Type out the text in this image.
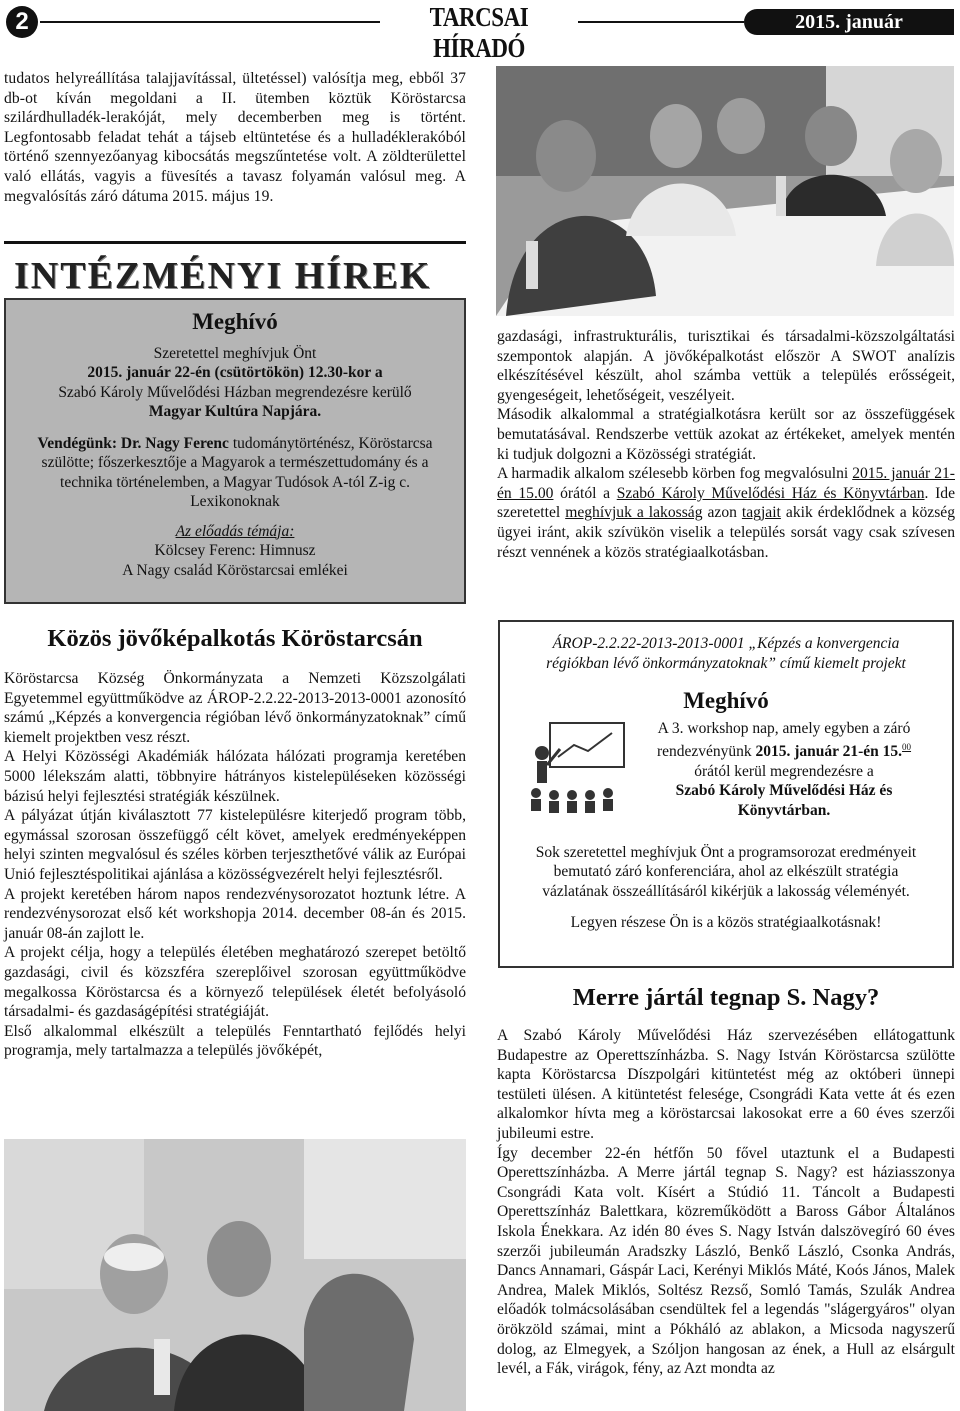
2	TARCSAI HÍRADÓ
2015. január

tudatos helyreállítása talajjavítással, ültetéssel) valósítja meg, ebből 37 db-ot kíván megoldani a II. ütemben köztük Köröstarcsa szilárdhulladék-lerakóját, mely decemberben meg is történt. Legfontosabb feladat tehát a tájseb eltüntetése és a hulladéklerakóból történő szennyezőanyag kibocsátás megszűntetése volt. A zöldterülettel való ellátás, vagyis a füvesítés a tavasz folyamán valósul meg. A megvalósítás záró dátuma 2015. május 19.

INTÉZMÉNYI HÍREK
Meghívó
Szeretettel meghívjuk Önt
2015. január 22-én (csütörtökön) 12.30-kor a
Szabó Károly Művelődési Házban megrendezésre kerülő
Magyar Kultúra Napjára.
Vendégünk: Dr. Nagy Ferenc tudománytörténész, Köröstarcsa szülötte; főszerkesztője a Magyarok a természettudomány és a technika történelemben, a Magyar Tudósok A-tól Z-ig c. Lexikonoknak
Az előadás témája:
Kölcsey Ferenc: Himnusz
A Nagy család Köröstarcsai emlékei
Közös jövőképalkotás Köröstarcsán

Köröstarcsa Község Önkormányzata a Nemzeti Közszolgálati Egyetemmel együttműködve az ÁROP-2.2.22-2013-2013-0001 azonosító számú „Képzés a konvergencia régióban lévő önkormányzatoknak” című kiemelt projektben vesz részt.

A Helyi Közösségi Akadémiák hálózata hálózati programja keretében 5000 lélekszám alatti, többnyire hátrányos kistelepüléseken közösségi bázisú helyi fejlesztési stratégiák készülnek.

A pályázat útján kiválasztott 77 kistelepülésre kiterjedő program több, egymással szorosan összefüggő célt követ, amelyek eredményeképpen helyi szinten megvalósul és széles körben terjeszthetővé válik az Európai Unió fejlesztéspolitikai ajánlása a közösségvezérelt helyi fejlesztésről.

A projekt keretében három napos rendezvénysorozatot hoztunk létre. A rendezvénysorozat első két workshopja 2014. december 08-án és 2015. január 08-án zajlott le.

A projekt célja, hogy a település életében meghatározó szerepet betöltő gazdasági, civil és közszféra szereplőivel szorosan együttműködve megalkossa Köröstarcsa és a környező települések életét befolyásoló társadalmi- és gazdaságépítési stratégiáját.

Első alkalommal elkészült a település Fenntartható fejlődés helyi programja, mely tartalmazza a település jövőképét,

gazdasági, infrastrukturális, turisztikai és társadalmi-közszolgáltatási szempontok alapján. A jövőképalkotást először A SWOT analízis elkészítésével készült, ahol számba vettük a település erősségeit, gyengeségeit, lehetőségeit, veszélyeit.

Második alkalommal a stratégialkotásra került sor az összefüggések bemutatásával. Rendszerbe vettük azokat az értékeket, amelyek mentén ki tudjuk dolgozni a Közösségi stratégiát.

A harmadik alkalom szélesebb körben fog megvalósulni 2015. január 21-én 15.00 órától a Szabó Károly Művelődési Ház és Könyvtárban. Ide szeretettel meghívjuk a lakosság azon tagjait akik érdeklődnek a község ügyei iránt, akik szívükön viselik a település sorsát vagy csak szívesen részt vennének a közös stratégiaalkotásban.

ÁROP-2.2.22-2013-2013-0001 „Képzés a konvergencia régiókban lévő önkormányzatoknak” című kiemelt projekt
Meghívó
A 3. workshop nap, amely egyben a záró
rendezvényünk 2015. január 21-én 15.00
órától kerül megrendezésre a
Szabó Károly Művelődési Ház és
Könyvtárban.
Sok szeretettel meghívjuk Önt a programsorozat eredményeit bemutató záró konferenciára, ahol az elkészült stratégia vázlatának összeállításáról kikérjük a lakosság véleményét.
Legyen részese Ön is a közös stratégiaalkotásnak!
Merre jártál tegnap S. Nagy?

A Szabó Károly Művelődési Ház szervezésében ellátogattunk Budapestre az Operettszínházba. S. Nagy István Köröstarcsa szülötte kapta Köröstarcsa Díszpolgári kitüntetést még az októberi ünnepi testületi ülésen. A kitüntetést felesége, Csongrádi Kata vette át és ezen alkalomkor hívta meg a köröstarcsai lakosokat erre a 60 éves szerzői jubileumi estre.

Így december 22-én hétfőn 50 fővel utaztunk el a Budapesti Operettszínházba. A Merre jártál tegnap S. Nagy? est háziasszonya Csongrádi Kata volt. Kísért a Stúdió 11. Táncolt a Budapesti Operettszínház Balettkara, közreműködött a Baross Gábor Általános Iskola Énekkara. Az idén 80 éves S. Nagy István dalszövegíró 60 éves szerzői jubileumán Aradszky László, Benkő László, Csonka András, Dancs Annamari, Gáspár Laci, Kerényi Miklós Máté, Koós János, Malek Andrea, Malek Miklós, Soltész Rezső, Somló Tamás, Szulák Andrea előadók tolmácsolásában csendültek fel a legendás "slágergyáros" olyan örökzöld számai, mint a Pókháló az ablakon, a Micsoda nagyszerű dolog, az Elmegyek, a Szóljon hangosan az ének, a Hull az elsárgult levél, a Fák, virágok, fény, az Azt mondta az
